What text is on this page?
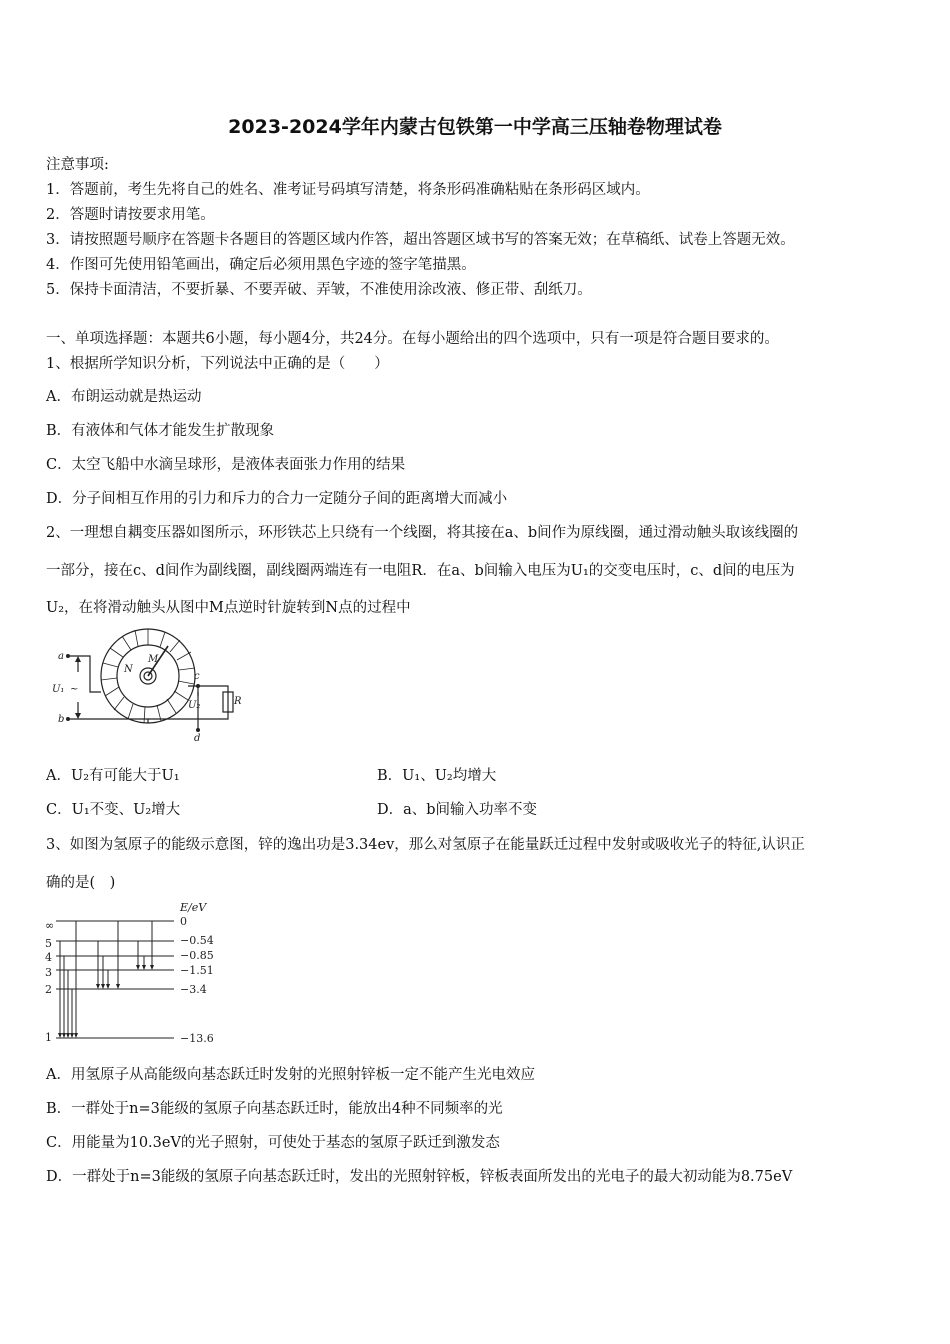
2023-2024学年内蒙古包铁第一中学高三压轴卷物理试卷
注意事项:
1．答题前，考生先将自己的姓名、准考证号码填写清楚，将条形码准确粘贴在条形码区域内。
2．答题时请按要求用笔。
3．请按照题号顺序在答题卡各题目的答题区域内作答，超出答题区域书写的答案无效；在草稿纸、试卷上答题无效。
4．作图可先使用铅笔画出，确定后必须用黑色字迹的签字笔描黑。
5．保持卡面清洁，不要折暴、不要弄破、弄皱，不准使用涂改液、修正带、刮纸刀。
一、单项选择题：本题共6小题，每小题4分，共24分。在每小题给出的四个选项中，只有一项是符合题目要求的。
1、根据所学知识分析，下列说法中正确的是（　　）
A．布朗运动就是热运动
B．有液体和气体才能发生扩散现象
C．太空飞船中水滴呈球形，是液体表面张力作用的结果
D．分子间相互作用的引力和斥力的合力一定随分子间的距离增大而减小
2、一理想自耦变压器如图所示，环形铁芯上只绕有一个线圈，将其接在a、b间作为原线圈，通过滑动触头取该线圈的
一部分，接在c、d间作为副线圈，副线圈两端连有一电阻R．在a、b间输入电压为U₁的交变电压时，c、d间的电压为
U₂，在将滑动触头从图中M点逆时针旋转到N点的过程中
a
b
U₁ ~
N
M
c
d
U₂	R
A．U₂有可能大于U₁	B．U₁、U₂均增大
C．U₁不变、U₂增大	D．a、b间输入功率不变
3、如图为氢原子的能级示意图，锌的逸出功是3.34ev，那么对氢原子在能量跃迁过程中发射或吸收光子的特征,认识正
确的是(　)
E/eV
∞
5
4
3
2
1
0
−0.54
−0.85
−1.51
−3.4
−13.6
A．用氢原子从高能级向基态跃迁时发射的光照射锌板一定不能产生光电效应
B．一群处于n=3能级的氢原子向基态跃迁时，能放出4种不同频率的光
C．用能量为10.3eV的光子照射，可使处于基态的氢原子跃迁到激发态
D．一群处于n=3能级的氢原子向基态跃迁时，发出的光照射锌板，锌板表面所发出的光电子的最大初动能为8.75eV
